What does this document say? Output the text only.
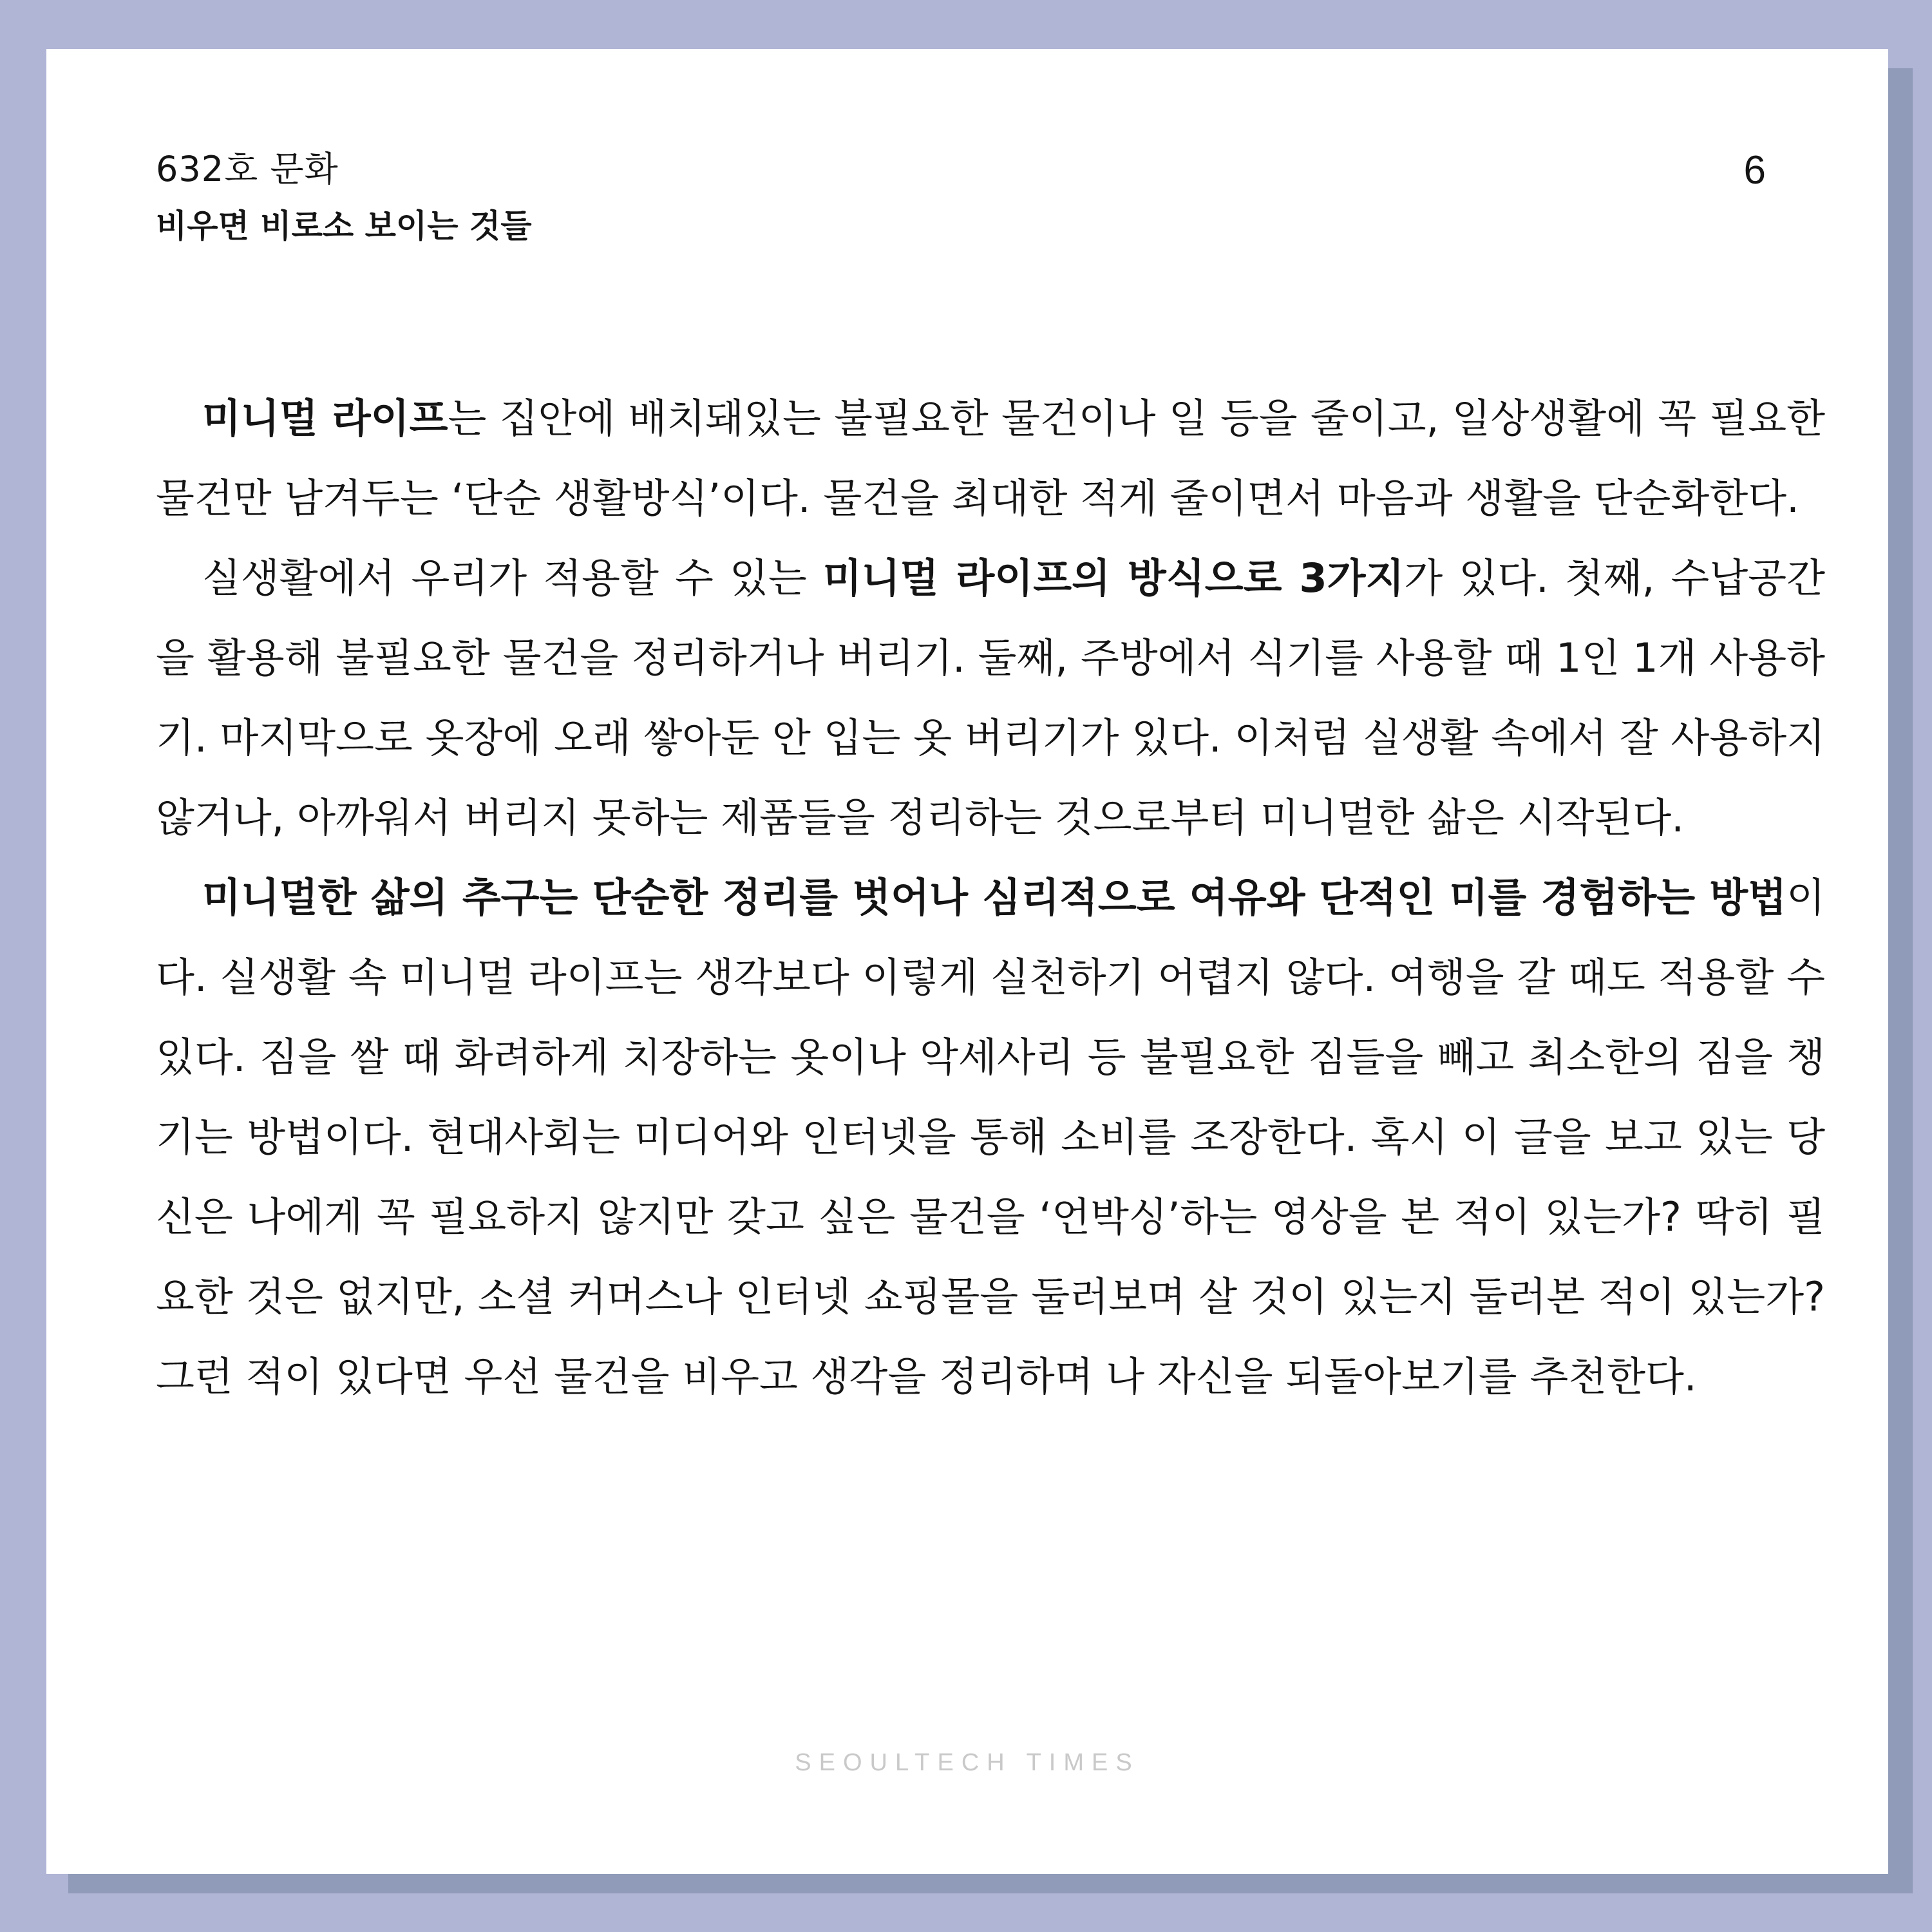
632호 문화
비우면 비로소 보이는 것들
6

미니멀 라이프는 집안에 배치돼있는 불필요한 물건이나 일 등을 줄이고, 일상생활에 꼭 필요한 물건만 남겨두는 ‘단순 생활방식’이다. 물건을 최대한 적게 줄이면서 마음과 생활을 단순화한다.

실생활에서 우리가 적용할 수 있는 미니멀 라이프의 방식으로 3가지가 있다. 첫째, 수납공간을 활용해 불필요한 물건을 정리하거나 버리기. 둘째, 주방에서 식기를 사용할 때 1인 1개 사용하기. 마지막으로 옷장에 오래 쌓아둔 안 입는 옷 버리기가 있다. 이처럼 실생활 속에서 잘 사용하지 않거나, 아까워서 버리지 못하는 제품들을 정리하는 것으로부터 미니멀한 삶은 시작된다.

미니멀한 삶의 추구는 단순한 정리를 벗어나 심리적으로 여유와 단적인 미를 경험하는 방법이다. 실생활 속 미니멀 라이프는 생각보다 이렇게 실천하기 어렵지 않다. 여행을 갈 때도 적용할 수 있다. 짐을 쌀 때 화려하게 치장하는 옷이나 악세사리 등 불필요한 짐들을 빼고 최소한의 짐을 챙기는 방법이다. 현대사회는 미디어와 인터넷을 통해 소비를 조장한다. 혹시 이 글을 보고 있는 당신은 나에게 꼭 필요하지 않지만 갖고 싶은 물건을 ‘언박싱’하는 영상을 본 적이 있는가? 딱히 필요한 것은 없지만, 소셜 커머스나 인터넷 쇼핑몰을 둘러보며 살 것이 있는지 둘러본 적이 있는가? 그런 적이 있다면 우선 물건을 비우고 생각을 정리하며 나 자신을 되돌아보기를 추천한다.

SEOULTECH TIMES
